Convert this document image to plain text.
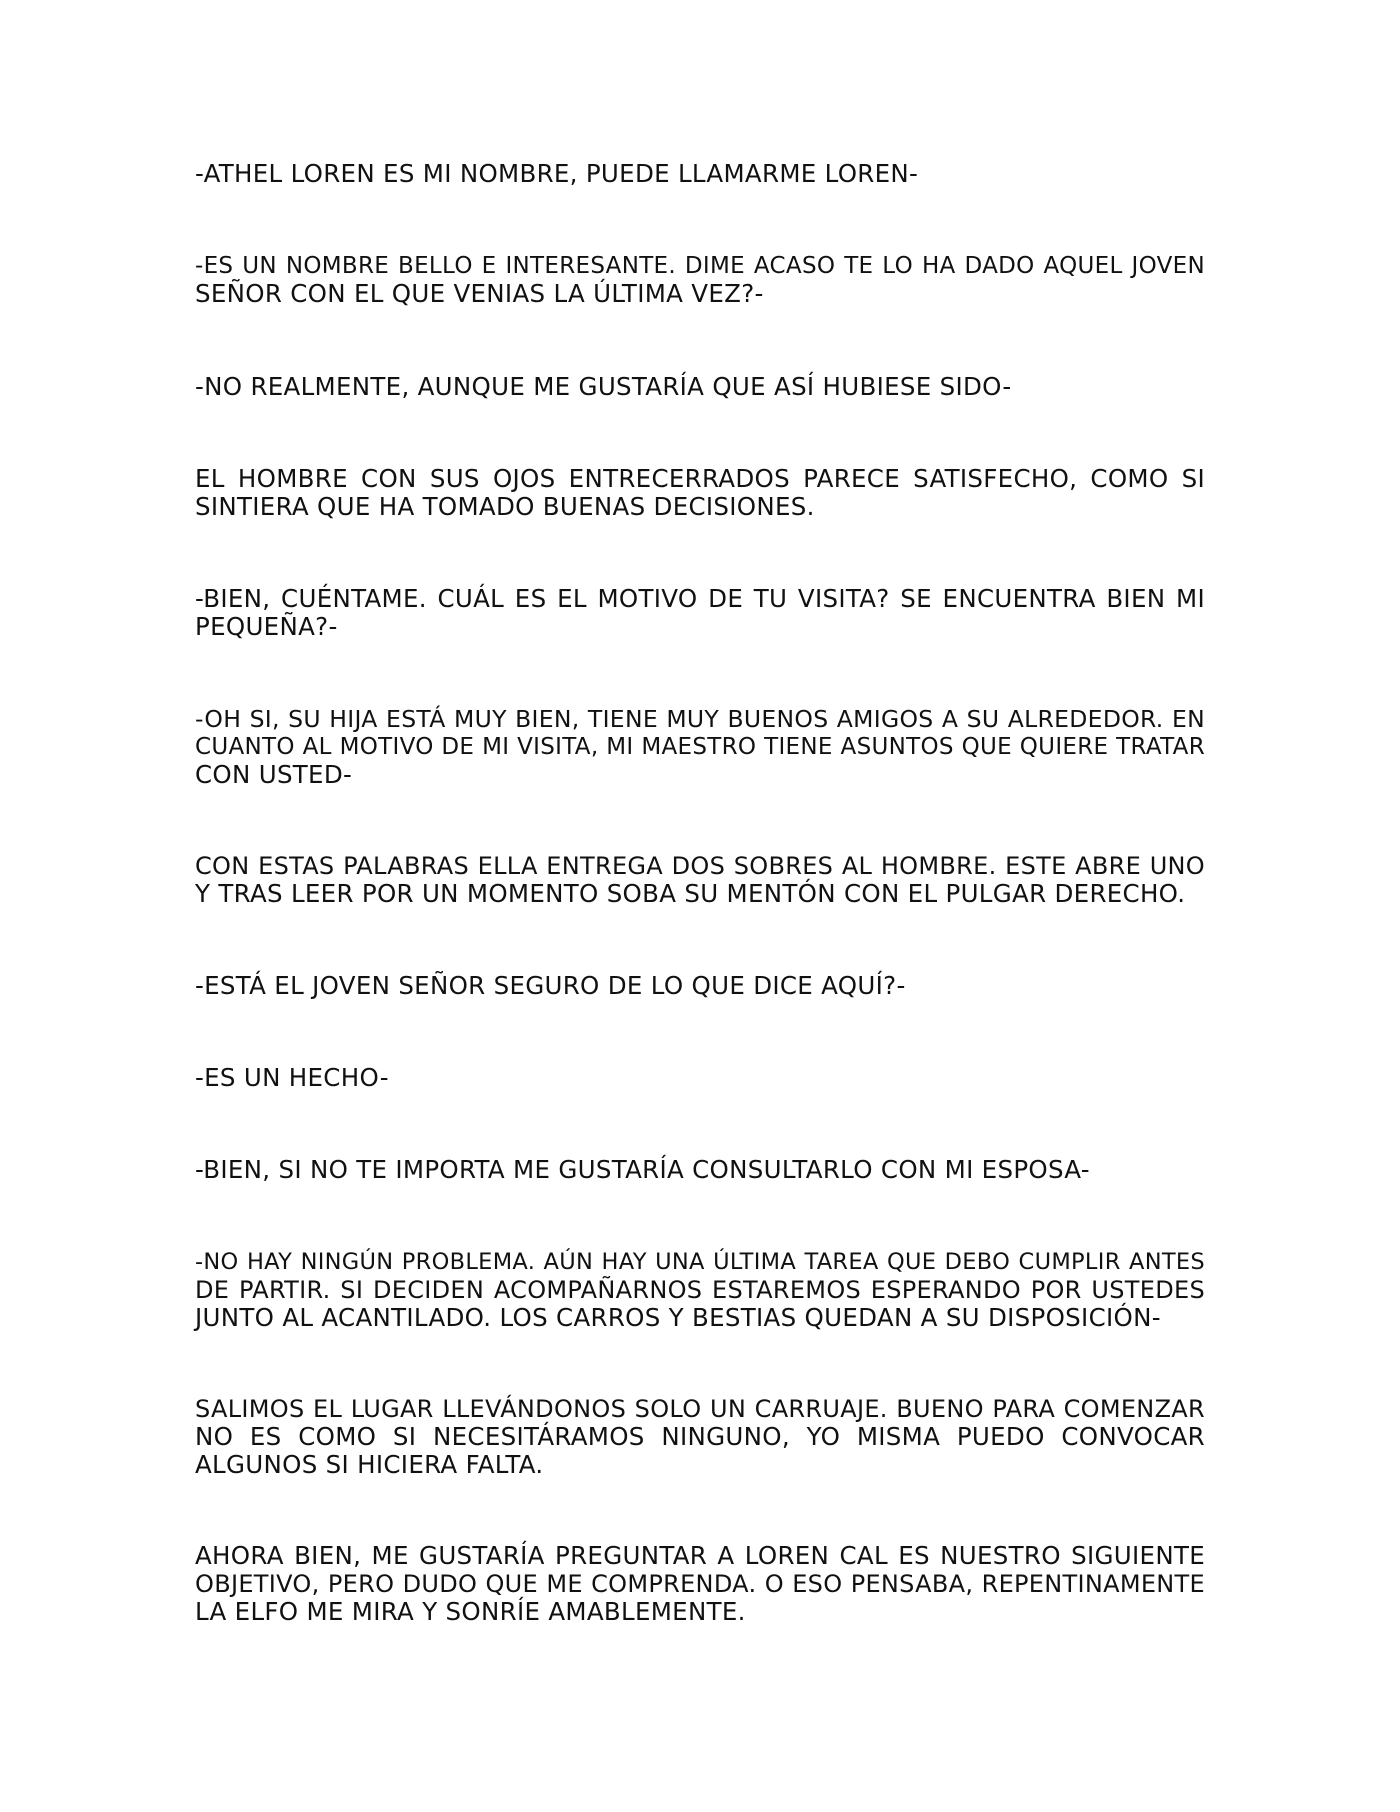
-ATHEL LOREN ES MI NOMBRE, PUEDE LLAMARME LOREN-

-ES UN NOMBRE BELLO E INTERESANTE. DIME ACASO TE LO HA DADO AQUEL JOVEN
SEÑOR CON EL QUE VENIAS LA ÚLTIMA VEZ?-

-NO REALMENTE, AUNQUE ME GUSTARÍA QUE ASÍ HUBIESE SIDO-

EL HOMBRE CON SUS OJOS ENTRECERRADOS PARECE SATISFECHO, COMO SI
SINTIERA QUE HA TOMADO BUENAS DECISIONES.

-BIEN, CUÉNTAME. CUÁL ES EL MOTIVO DE TU VISITA? SE ENCUENTRA BIEN MI
PEQUEÑA?-

-OH SI, SU HIJA ESTÁ MUY BIEN, TIENE MUY BUENOS AMIGOS A SU ALREDEDOR. EN
CUANTO AL MOTIVO DE MI VISITA, MI MAESTRO TIENE ASUNTOS QUE QUIERE TRATAR
CON USTED-

CON ESTAS PALABRAS ELLA ENTREGA DOS SOBRES AL HOMBRE. ESTE ABRE UNO
Y TRAS LEER POR UN MOMENTO SOBA SU MENTÓN CON EL PULGAR DERECHO.

-ESTÁ EL JOVEN SEÑOR SEGURO DE LO QUE DICE AQUÍ?-

-ES UN HECHO-

-BIEN, SI NO TE IMPORTA ME GUSTARÍA CONSULTARLO CON MI ESPOSA-

-NO HAY NINGÚN PROBLEMA. AÚN HAY UNA ÚLTIMA TAREA QUE DEBO CUMPLIR ANTES
DE PARTIR. SI DECIDEN ACOMPAÑARNOS ESTAREMOS ESPERANDO POR USTEDES
JUNTO AL ACANTILADO. LOS CARROS Y BESTIAS QUEDAN A SU DISPOSICIÓN-

SALIMOS EL LUGAR LLEVÁNDONOS SOLO UN CARRUAJE. BUENO PARA COMENZAR
NO ES COMO SI NECESITÁRAMOS NINGUNO, YO MISMA PUEDO CONVOCAR
ALGUNOS SI HICIERA FALTA.

AHORA BIEN, ME GUSTARÍA PREGUNTAR A LOREN CAL ES NUESTRO SIGUIENTE
OBJETIVO, PERO DUDO QUE ME COMPRENDA. O ESO PENSABA, REPENTINAMENTE
LA ELFO ME MIRA Y SONRÍE AMABLEMENTE.
